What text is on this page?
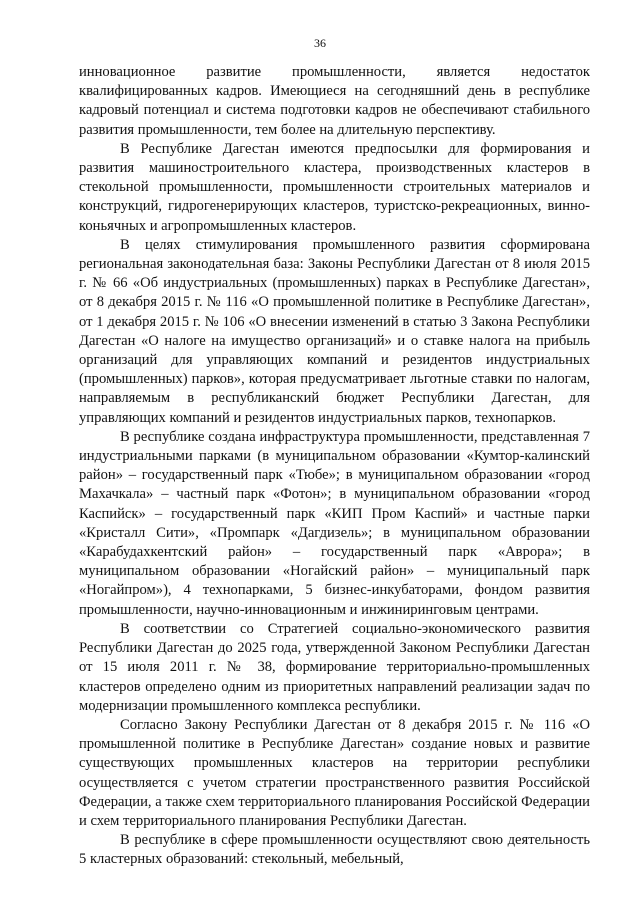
36

инновационное развитие промышленности, является недостаток квалифицированных кадров. Имеющиеся на сегодняшний день в республике кадровый потенциал и система подготовки кадров не обеспечивают стабильного развития промышленности, тем более на длительную перспективу.

В Республике Дагестан имеются предпосылки для формирования и развития машиностроительного кластера, производственных кластеров в стекольной промышленности, промышленности строительных материалов и конструкций, гидрогенерирующих кластеров, туристско-рекреационных, винно-коньячных и агропромышленных кластеров.

В целях стимулирования промышленного развития сформирована региональная законодательная база: Законы Республики Дагестан от 8 июля 2015 г. № 66 «Об индустриальных (промышленных) парках в Республике Дагестан», от 8 декабря 2015 г. № 116 «О промышленной политике в Республике Дагестан», от 1 декабря 2015 г. № 106 «О внесении изменений в статью 3 Закона Республики Дагестан «О налоге на имущество организаций» и о ставке налога на прибыль организаций для управляющих компаний и резидентов индустриальных (промышленных) парков», которая предусматривает льготные ставки по налогам, направляемым в республиканский бюджет Республики Дагестан, для управляющих компаний и резидентов индустриальных парков, технопарков.

В республике создана инфраструктура промышленности, представленная 7 индустриальными парками (в муниципальном образовании «Кумтор-калинский район» – государственный парк «Тюбе»; в муниципальном образовании «город Махачкала» – частный парк «Фотон»; в муниципальном образовании «город Каспийск» – государственный парк «КИП Пром Каспий» и частные парки «Кристалл Сити», «Промпарк «Дагдизель»; в муниципальном образовании «Карабудахкентский район» – государственный парк «Аврора»; в муниципальном образовании «Ногайский район» – муниципальный парк «Ногайпром»), 4 технопарками, 5 бизнес-инкубаторами, фондом развития промышленности, научно-инновационным и инжиниринговым центрами.

В соответствии со Стратегией социально-экономического развития Республики Дагестан до 2025 года, утвержденной Законом Республики Дагестан от 15 июля 2011 г. № 38, формирование территориально-промышленных кластеров определено одним из приоритетных направлений реализации задач по модернизации промышленного комплекса республики.

Согласно Закону Республики Дагестан от 8 декабря 2015 г. № 116 «О промышленной политике в Республике Дагестан» создание новых и развитие существующих промышленных кластеров на территории республики осуществляется с учетом стратегии пространственного развития Российской Федерации, а также схем территориального планирования Российской Федерации и схем территориального планирования Республики Дагестан.

В республике в сфере промышленности осуществляют свою деятельность 5 кластерных образований: стекольный, мебельный,
